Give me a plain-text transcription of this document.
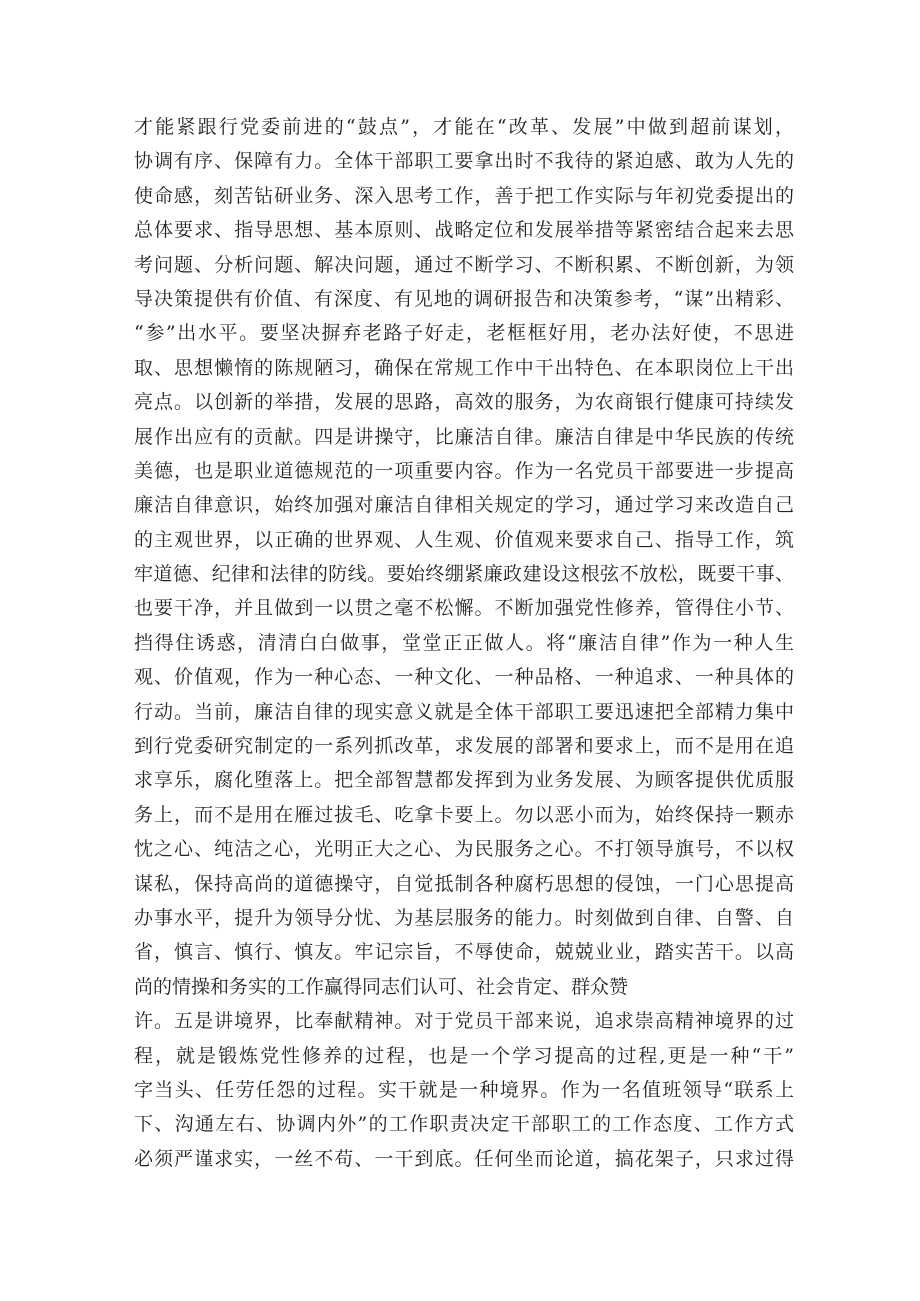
才能紧跟行党委前进的“鼓点”，才能在“改革、发展”中做到超前谋划，
协调有序、保障有力。全体干部职工要拿出时不我待的紧迫感、敢为人先的
使命感，刻苦钻研业务、深入思考工作，善于把工作实际与年初党委提出的
总体要求、指导思想、基本原则、战略定位和发展举措等紧密结合起来去思
考问题、分析问题、解决问题，通过不断学习、不断积累、不断创新，为领
导决策提供有价值、有深度、有见地的调研报告和决策参考，“谋”出精彩、
“参”出水平。要坚决摒弃老路子好走，老框框好用，老办法好使，不思进
取、思想懒惰的陈规陋习，确保在常规工作中干出特色、在本职岗位上干出
亮点。以创新的举措，发展的思路，高效的服务，为农商银行健康可持续发
展作出应有的贡献。四是讲操守，比廉洁自律。廉洁自律是中华民族的传统
美德，也是职业道德规范的一项重要内容。作为一名党员干部要进一步提高
廉洁自律意识，始终加强对廉洁自律相关规定的学习，通过学习来改造自己
的主观世界，以正确的世界观、人生观、价值观来要求自己、指导工作，筑
牢道德、纪律和法律的防线。要始终绷紧廉政建设这根弦不放松，既要干事、
也要干净，并且做到一以贯之毫不松懈。不断加强党性修养，管得住小节、
挡得住诱惑，清清白白做事，堂堂正正做人。将“廉洁自律”作为一种人生
观、价值观，作为一种心态、一种文化、一种品格、一种追求、一种具体的
行动。当前，廉洁自律的现实意义就是全体干部职工要迅速把全部精力集中
到行党委研究制定的一系列抓改革，求发展的部署和要求上，而不是用在追
求享乐，腐化堕落上。把全部智慧都发挥到为业务发展、为顾客提供优质服
务上，而不是用在雁过拔毛、吃拿卡要上。勿以恶小而为，始终保持一颗赤
忱之心、纯洁之心，光明正大之心、为民服务之心。不打领导旗号，不以权
谋私，保持高尚的道德操守，自觉抵制各种腐朽思想的侵蚀，一门心思提高
办事水平，提升为领导分忧、为基层服务的能力。时刻做到自律、自警、自
省，慎言、慎行、慎友。牢记宗旨，不辱使命，兢兢业业，踏实苦干。以高
尚的情操和务实的工作赢得同志们认可、社会肯定、群众赞
许。五是讲境界，比奉献精神。对于党员干部来说，追求崇高精神境界的过
程，就是锻炼党性修养的过程，也是一个学习提高的过程,更是一种“干”
字当头、任劳任怨的过程。实干就是一种境界。作为一名值班领导“联系上
下、沟通左右、协调内外”的工作职责决定干部职工的工作态度、工作方式
必须严谨求实，一丝不苟、一干到底。任何坐而论道，搞花架子，只求过得
